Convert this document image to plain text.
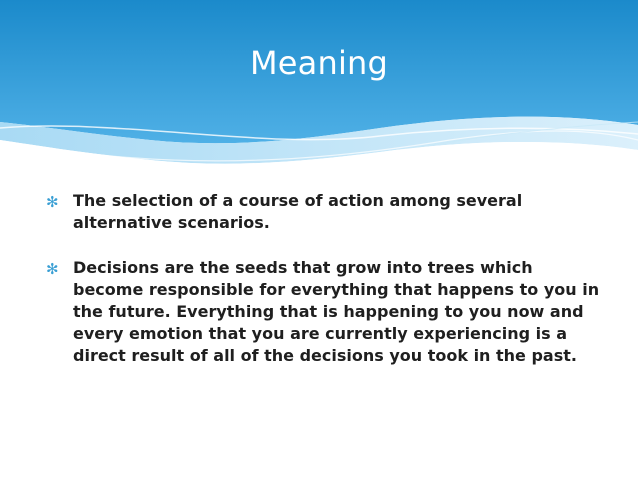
Meaning
✻ The selection of a course of action among several alternative scenarios.
✻ Decisions are the seeds that grow into trees which become responsible for everything that happens to you in the future. Everything that is happening to you now and every emotion that you are currently experiencing is a direct result of all of the decisions you took in the past.
